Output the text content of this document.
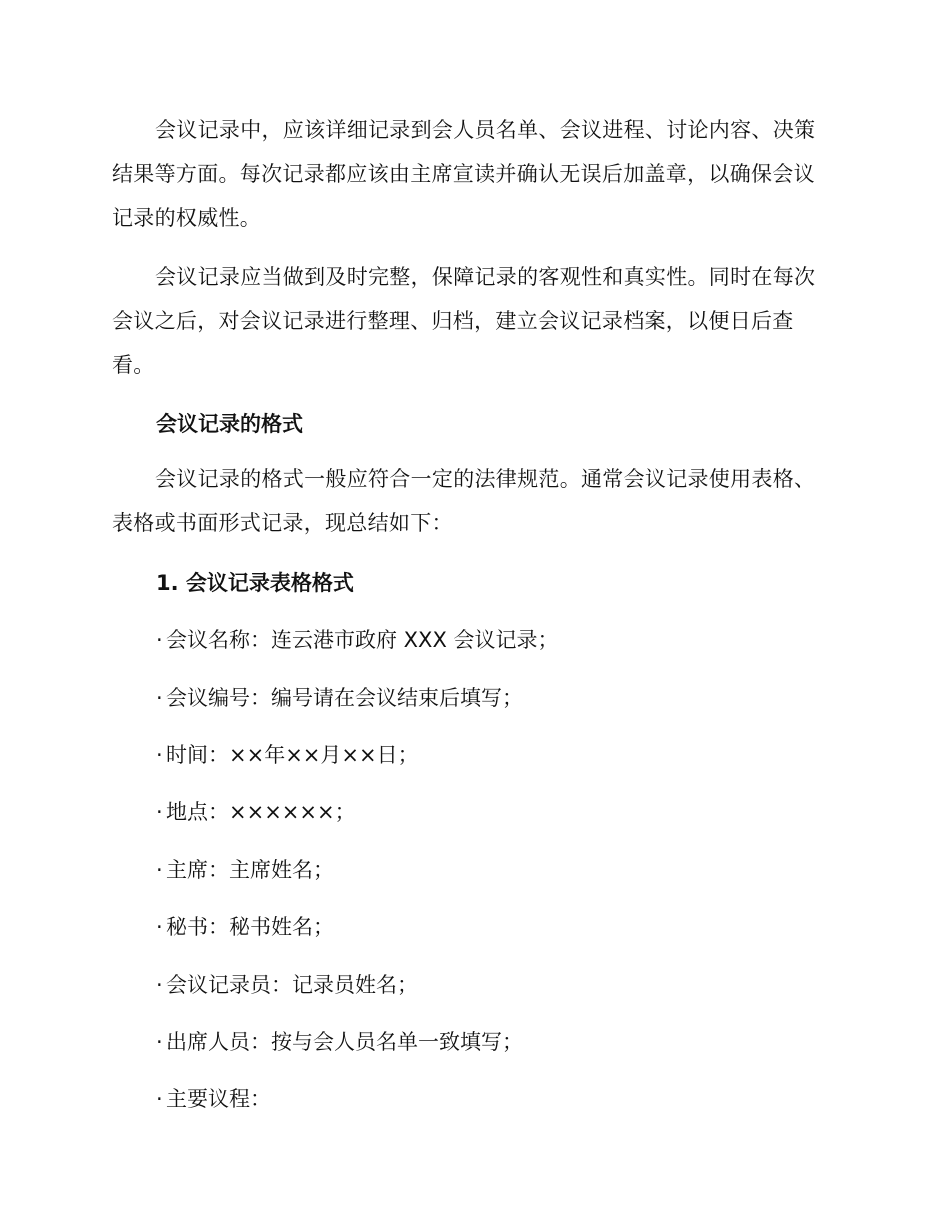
会议记录中，应该详细记录到会人员名单、会议进程、讨论内容、决策结果等方面。每次记录都应该由主席宣读并确认无误后加盖章，以确保会议记录的权威性。

会议记录应当做到及时完整，保障记录的客观性和真实性。同时在每次会议之后，对会议记录进行整理、归档，建立会议记录档案，以便日后查看。

会议记录的格式

会议记录的格式一般应符合一定的法律规范。通常会议记录使用表格、表格或书面形式记录，现总结如下：

1. 会议记录表格格式
· 会议名称：连云港市政府 XXX 会议记录；
· 会议编号：编号请在会议结束后填写；
· 时间：××年××月××日；
· 地点：××××××；
· 主席：主席姓名；
· 秘书：秘书姓名；
· 会议记录员：记录员姓名；
· 出席人员：按与会人员名单一致填写；
· 主要议程：
